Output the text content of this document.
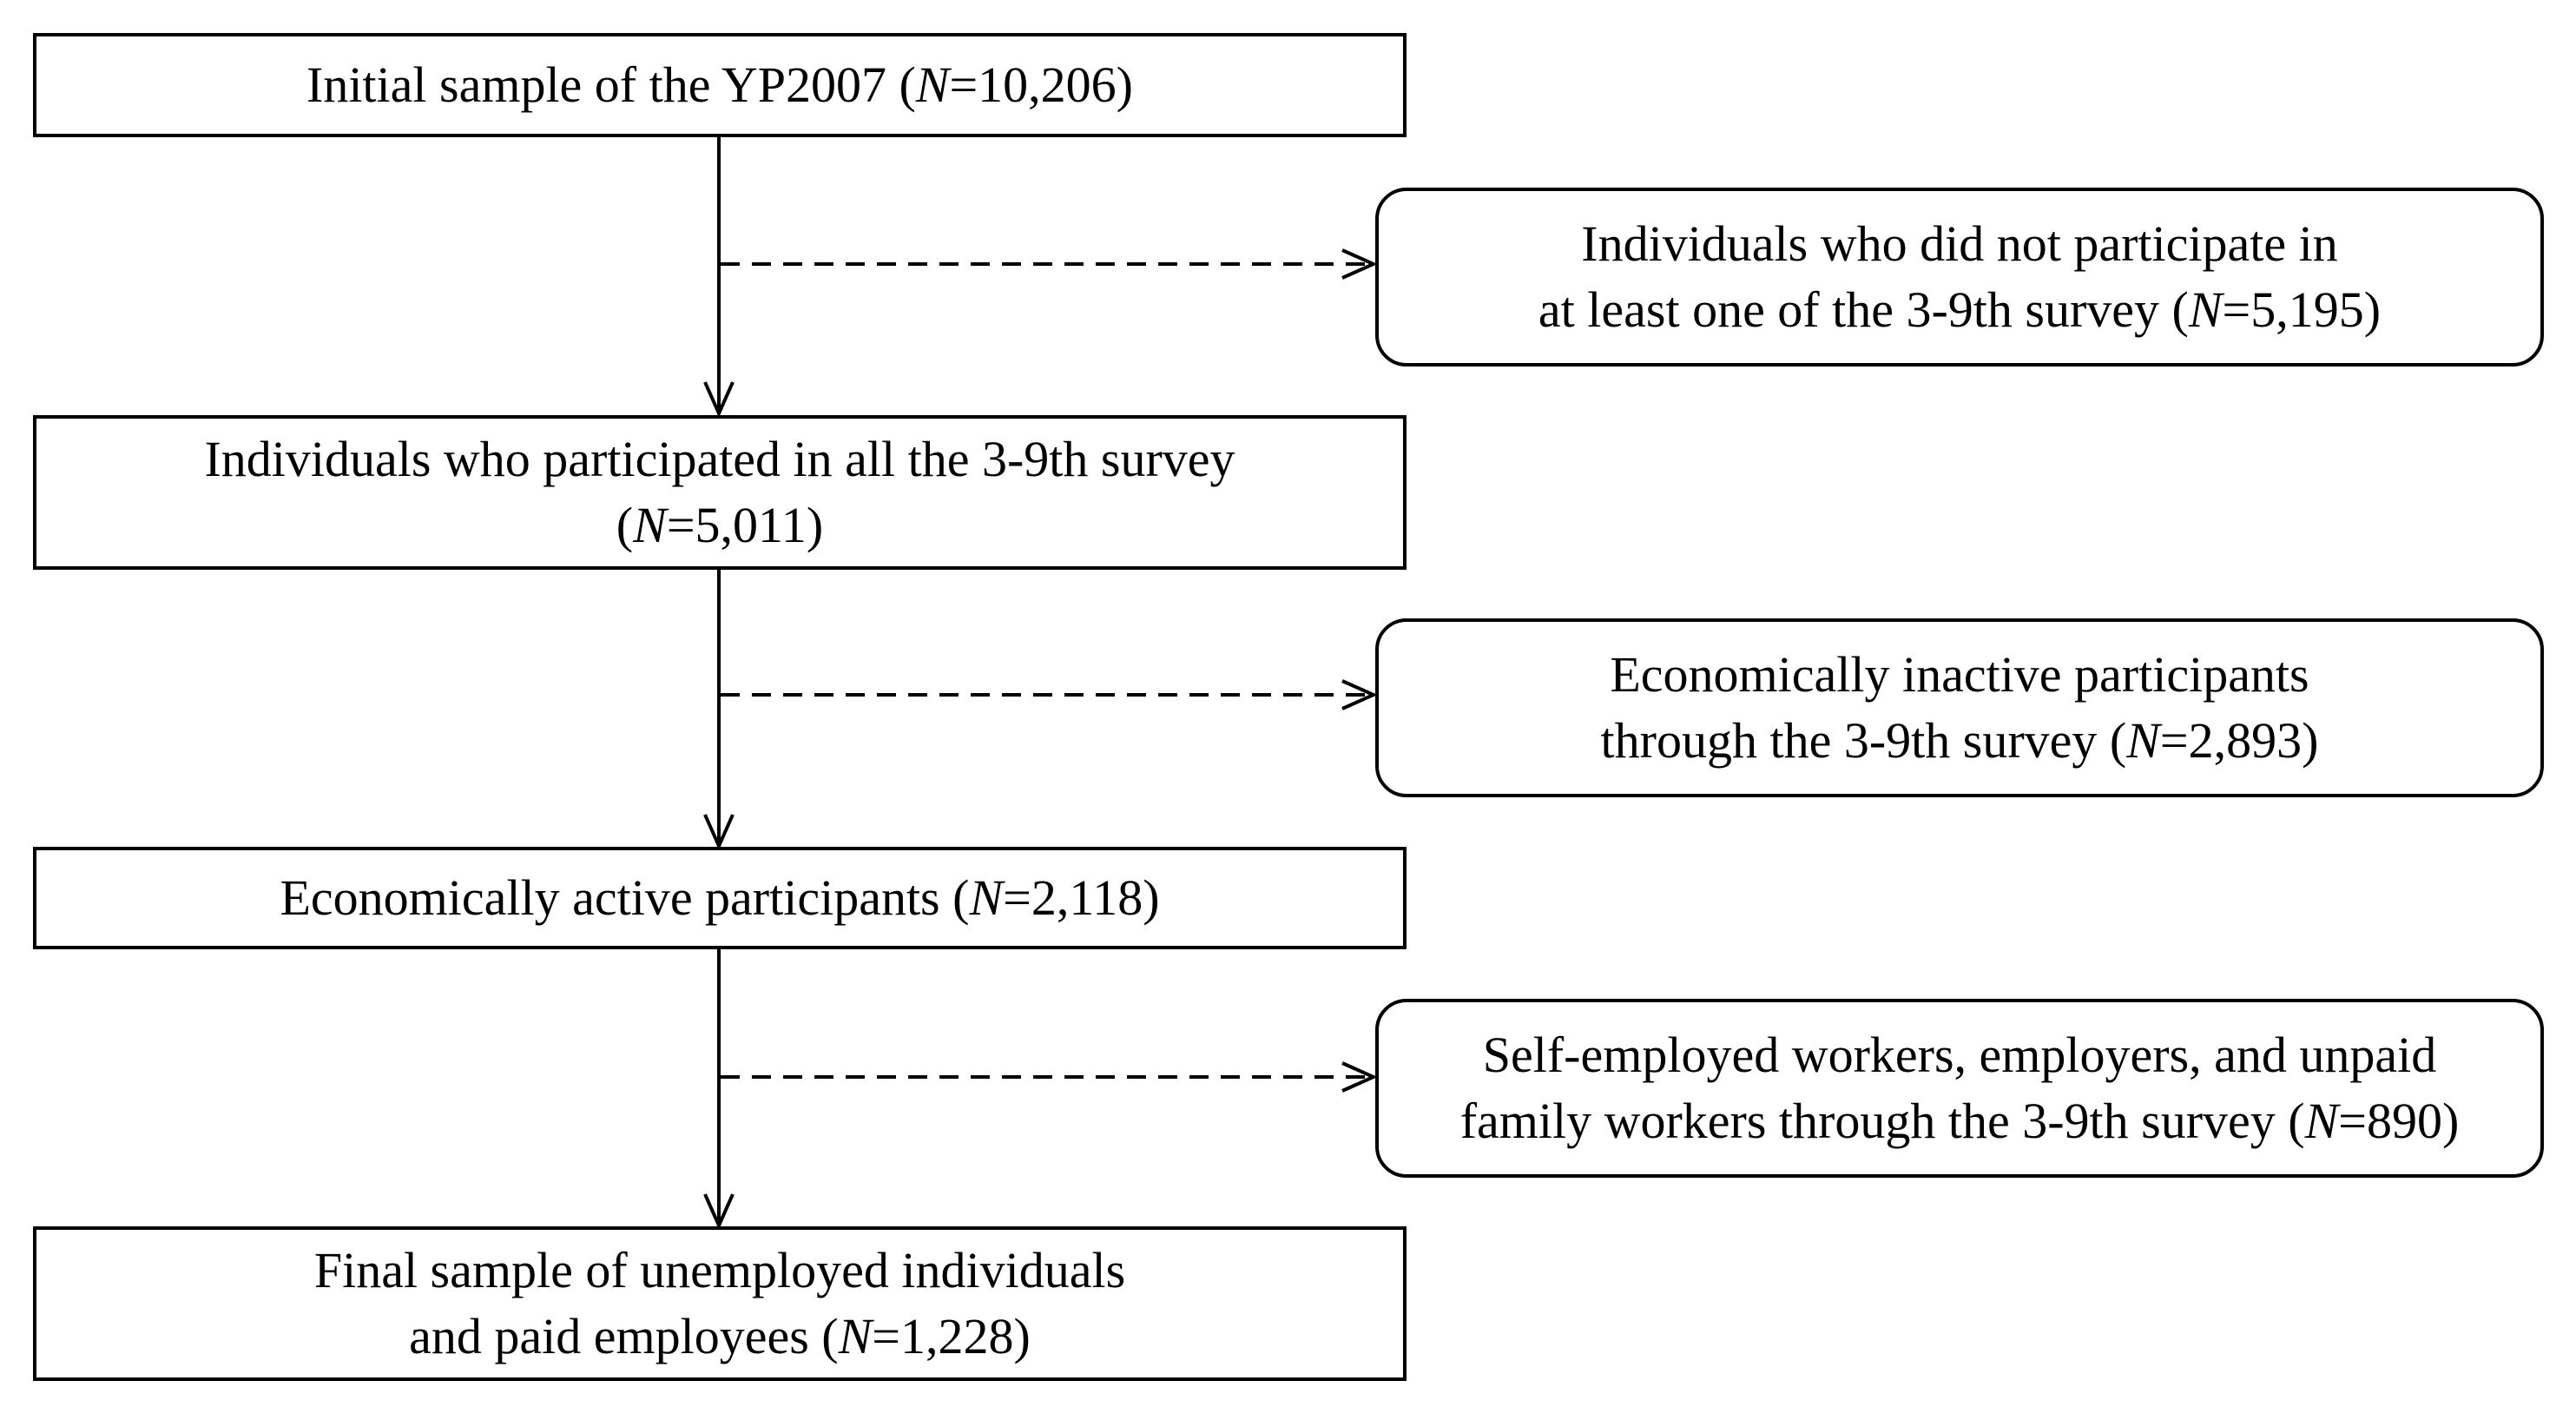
Initial sample of the YP2007 (N=10,206)
Individuals who participated in all the 3-9th survey
(N=5,011)
Economically active participants (N=2,118)
Final sample of unemployed individuals
and paid employees (N=1,228)
Individuals who did not participate in
at least one of the 3-9th survey (N=5,195)
Economically inactive participants
through the 3-9th survey (N=2,893)
Self-employed workers, employers, and unpaid
family workers through the 3-9th survey (N=890)
